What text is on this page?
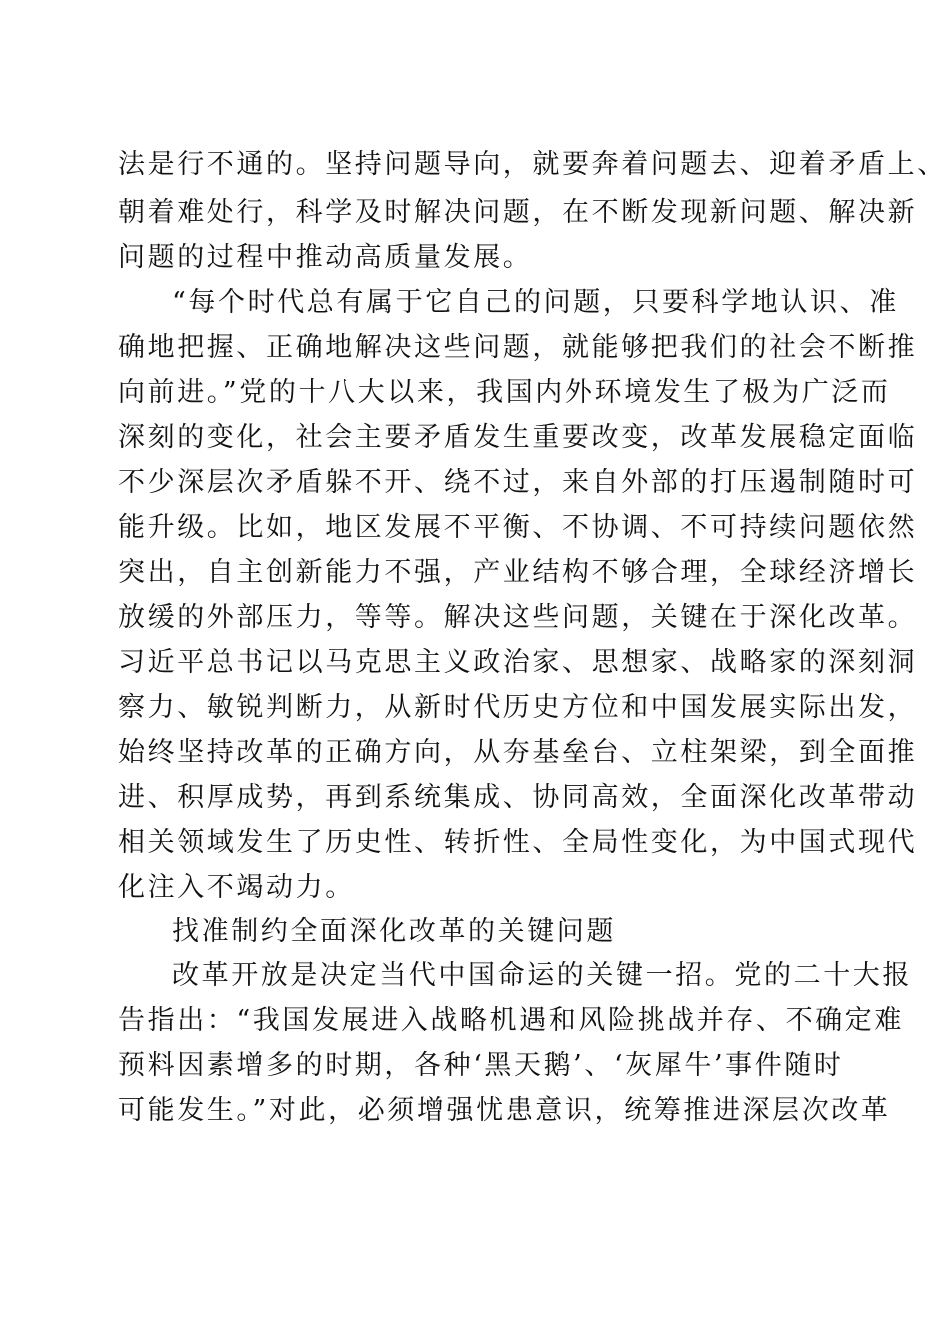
法是行不通的。坚持问题导向，就要奔着问题去、迎着矛盾上、
朝着难处行，科学及时解决问题，在不断发现新问题、解决新
问题的过程中推动高质量发展。
“每个时代总有属于它自己的问题，只要科学地认识、准
确地把握、正确地解决这些问题，就能够把我们的社会不断推
向前进。”党的十八大以来，我国内外环境发生了极为广泛而
深刻的变化，社会主要矛盾发生重要改变，改革发展稳定面临
不少深层次矛盾躲不开、绕不过，来自外部的打压遏制随时可
能升级。比如，地区发展不平衡、不协调、不可持续问题依然
突出，自主创新能力不强，产业结构不够合理，全球经济增长
放缓的外部压力，等等。解决这些问题，关键在于深化改革。
习近平总书记以马克思主义政治家、思想家、战略家的深刻洞
察力、敏锐判断力，从新时代历史方位和中国发展实际出发，
始终坚持改革的正确方向，从夯基垒台、立柱架梁，到全面推
进、积厚成势，再到系统集成、协同高效，全面深化改革带动
相关领域发生了历史性、转折性、全局性变化，为中国式现代
化注入不竭动力。
找准制约全面深化改革的关键问题
改革开放是决定当代中国命运的关键一招。党的二十大报
告指出：“我国发展进入战略机遇和风险挑战并存、不确定难
预料因素增多的时期，各种‘黑天鹅’、‘灰犀牛’事件随时
可能发生。”对此，必须增强忧患意识，统筹推进深层次改革
